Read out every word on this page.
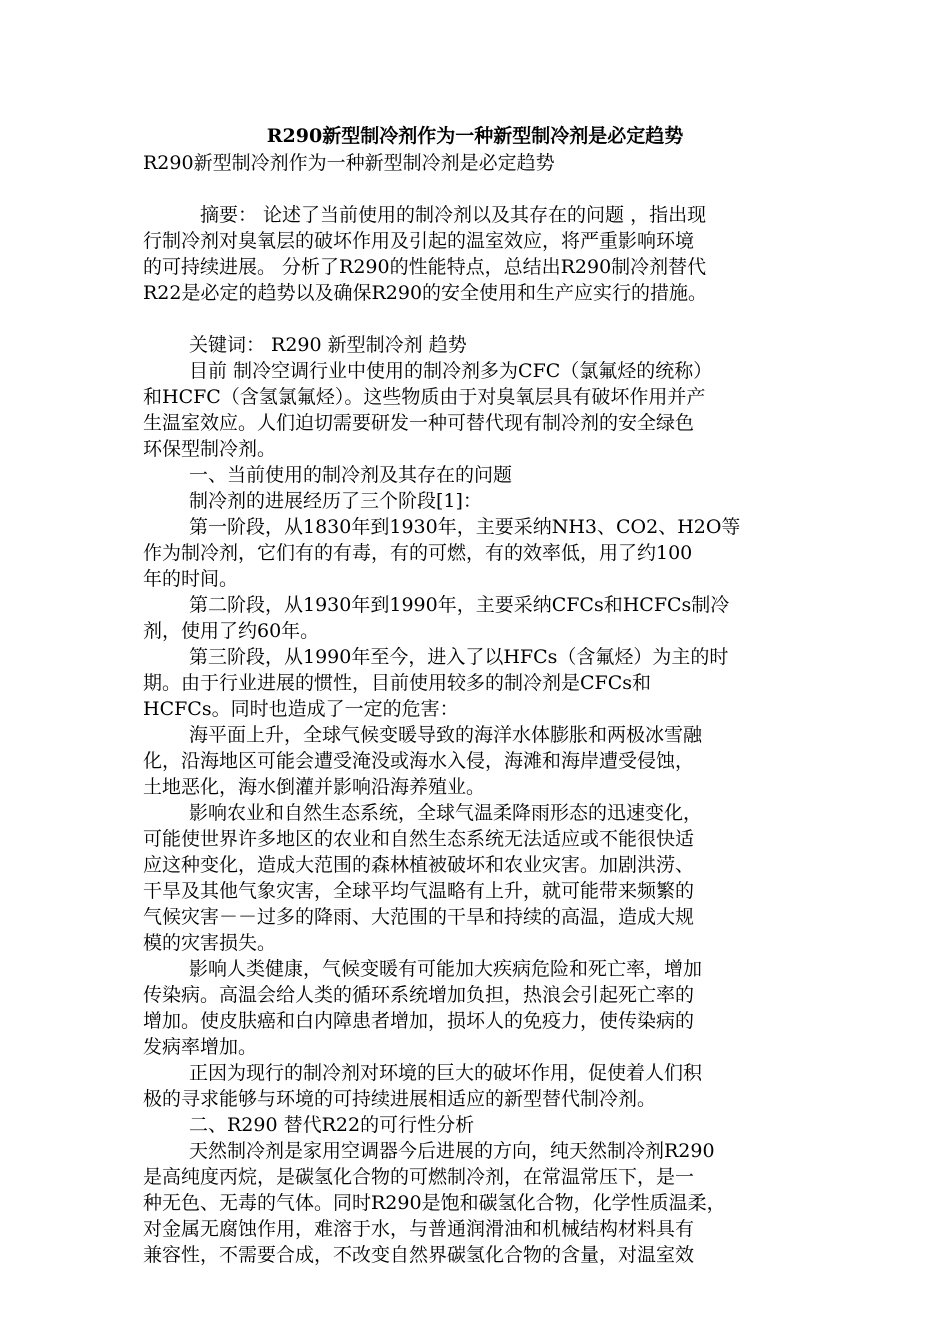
R290新型制冷剂作为一种新型制冷剂是必定趋势
R290新型制冷剂作为一种新型制冷剂是必定趋势
摘要： 论述了当前使用的制冷剂以及其存在的问题 ，指出现
行制冷剂对臭氧层的破坏作用及引起的温室效应，将严重影响环境
的可持续进展。 分析了R290的性能特点，总结出R290制冷剂替代
R22是必定的趋势以及确保R290的安全使用和生产应实行的措施。
关键词： R290 新型制冷剂 趋势
目前 制冷空调行业中使用的制冷剂多为CFC（氯氟烃的统称）
和HCFC（含氢氯氟烃）。这些物质由于对臭氧层具有破坏作用并产
生温室效应。人们迫切需要研发一种可替代现有制冷剂的安全绿色
环保型制冷剂。
一、当前使用的制冷剂及其存在的问题
制冷剂的进展经历了三个阶段[1]：
第一阶段，从1830年到1930年，主要采纳NH3、CO2、H2O等
作为制冷剂，它们有的有毒，有的可燃，有的效率低，用了约100
年的时间。
第二阶段，从1930年到1990年，主要采纳CFCs和HCFCs制冷
剂，使用了约60年。
第三阶段，从1990年至今，进入了以HFCs（含氟烃）为主的时
期。由于行业进展的惯性，目前使用较多的制冷剂是CFCs和
HCFCs。同时也造成了一定的危害：
海平面上升，全球气候变暖导致的海洋水体膨胀和两极冰雪融
化，沿海地区可能会遭受淹没或海水入侵，海滩和海岸遭受侵蚀，
土地恶化，海水倒灌并影响沿海养殖业。
影响农业和自然生态系统，全球气温柔降雨形态的迅速变化，
可能使世界许多地区的农业和自然生态系统无法适应或不能很快适
应这种变化，造成大范围的森林植被破坏和农业灾害。加剧洪涝、
干旱及其他气象灾害，全球平均气温略有上升，就可能带来频繁的
气候灾害－－过多的降雨、大范围的干旱和持续的高温，造成大规
模的灾害损失。
影响人类健康，气候变暖有可能加大疾病危险和死亡率，增加
传染病。高温会给人类的循环系统增加负担，热浪会引起死亡率的
增加。使皮肤癌和白内障患者增加，损坏人的免疫力，使传染病的
发病率增加。
正因为现行的制冷剂对环境的巨大的破坏作用，促使着人们积
极的寻求能够与环境的可持续进展相适应的新型替代制冷剂。
二、R290 替代R22的可行性分析
天然制冷剂是家用空调器今后进展的方向，纯天然制冷剂R290
是高纯度丙烷，是碳氢化合物的可燃制冷剂，在常温常压下，是一
种无色、无毒的气体。同时R290是饱和碳氢化合物，化学性质温柔，
对金属无腐蚀作用，难溶于水，与普通润滑油和机械结构材料具有
兼容性，不需要合成，不改变自然界碳氢化合物的含量，对温室效
